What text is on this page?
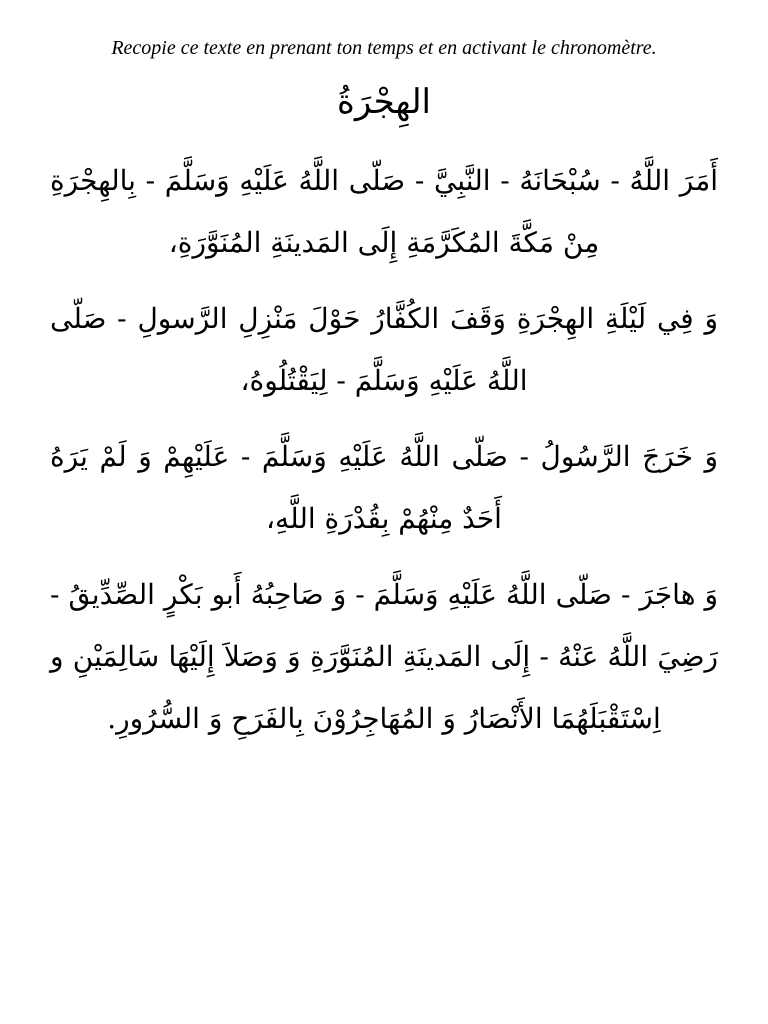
Recopie ce texte en prenant ton temps et en activant le chronomètre.
الهِجْرَةُ

أَمَرَ اللَّهُ - سُبْحَانَهُ - النَّبِيَّ - صَلّى اللَّهُ عَلَيْهِ وَسَلَّمَ - بِالهِجْرَةِ مِنْ مَكَّةَ المُكَرَّمَةِ إِلَى المَدينَةِ المُنَوَّرَةِ،

وَ فِي لَيْلَةِ الهِجْرَةِ وَقَفَ الكُفَّارُ حَوْلَ مَنْزِلِ الرَّسولِ - صَلّى اللَّهُ عَلَيْهِ وَسَلَّمَ - لِيَقْتُلُوهُ،

وَ خَرَجَ الرَّسُولُ - صَلّى اللَّهُ عَلَيْهِ وَسَلَّمَ - عَلَيْهِمْ وَ لَمْ يَرَهُ أَحَدٌ مِنْهُمْ بِقُدْرَةِ اللَّهِ،

وَ هاجَرَ - صَلّى اللَّهُ عَلَيْهِ وَسَلَّمَ - وَ صَاحِبُهُ أَبو بَكْرٍ الصِّدِّيقُ - رَضِيَ اللَّهُ عَنْهُ - إِلَى المَدينَةِ المُنَوَّرَةِ وَ وَصَلاَ إِلَيْهَا سَالِمَيْنِ و اِسْتَقْبَلَهُمَا الأَنْصَارُ وَ المُهَاجِرُوْنَ بِالفَرَحِ وَ السُّرُورِ.
